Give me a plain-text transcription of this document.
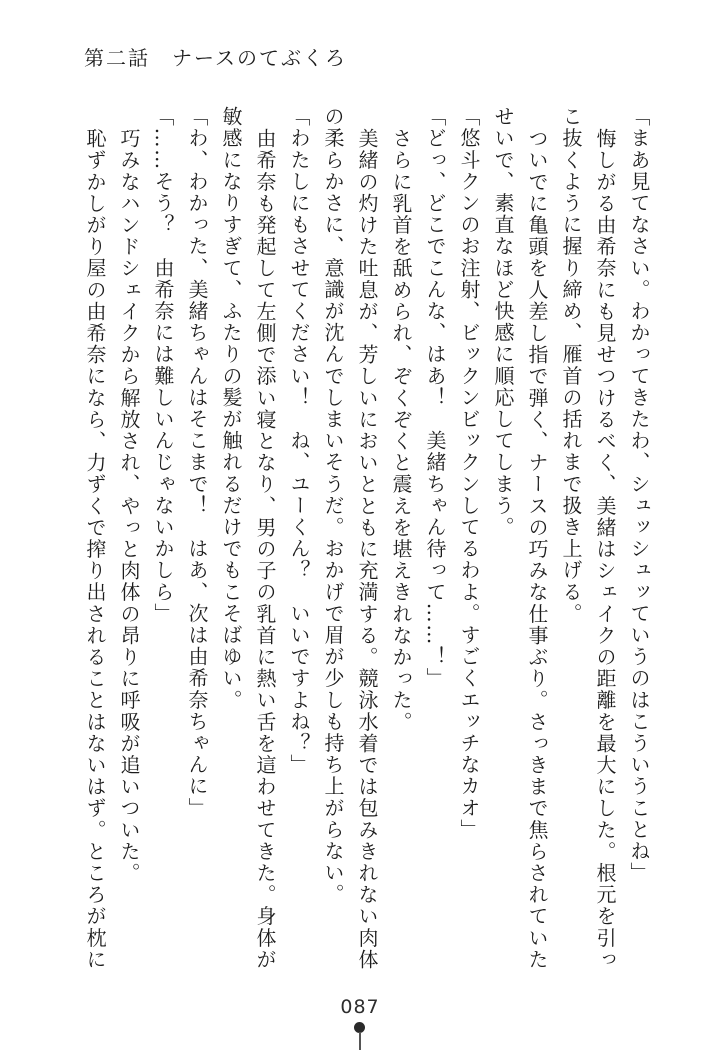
第二話　ナースのてぶくろ
「まあ見てなさい。わかってきたわ、シュッシュッていうのはこういうことね」
悔しがる由希奈にも見せつけるべく、美緒はシェイクの距離を最大にした。根元を引っ
こ抜くように握り締め、雁首の括れまで扱き上げる。
ついでに亀頭を人差し指で弾く、ナースの巧みな仕事ぶり。さっきまで焦らされていた
せいで、素直なほど快感に順応してしまう。
「悠斗クンのお注射、ビックンビックンしてるわよ。すごくエッチなカオ」
「どっ、どこでこんな、はあ！　美緒ちゃん待って……！」
さらに乳首を舐められ、ぞくぞくと震えを堪えきれなかった。
美緒の灼けた吐息が、芳しいにおいとともに充満する。競泳水着では包みきれない肉体
の柔らかさに、意識が沈んでしまいそうだ。おかげで眉が少しも持ち上がらない。
「わたしにもさせてください！　ね、ユーくん？　いいですよね？」
由希奈も発起して左側で添い寝となり、男の子の乳首に熱い舌を這わせてきた。身体が
敏感になりすぎて、ふたりの髪が触れるだけでもこそばゆい。
「わ、わかった、美緒ちゃんはそこまで！　はあ、次は由希奈ちゃんに」
「……そう？　由希奈には難しいんじゃないかしら」
巧みなハンドシェイクから解放され、やっと肉体の昂りに呼吸が追いついた。
恥ずかしがり屋の由希奈になら、力ずくで搾り出されることはないはず。ところが枕に
087
